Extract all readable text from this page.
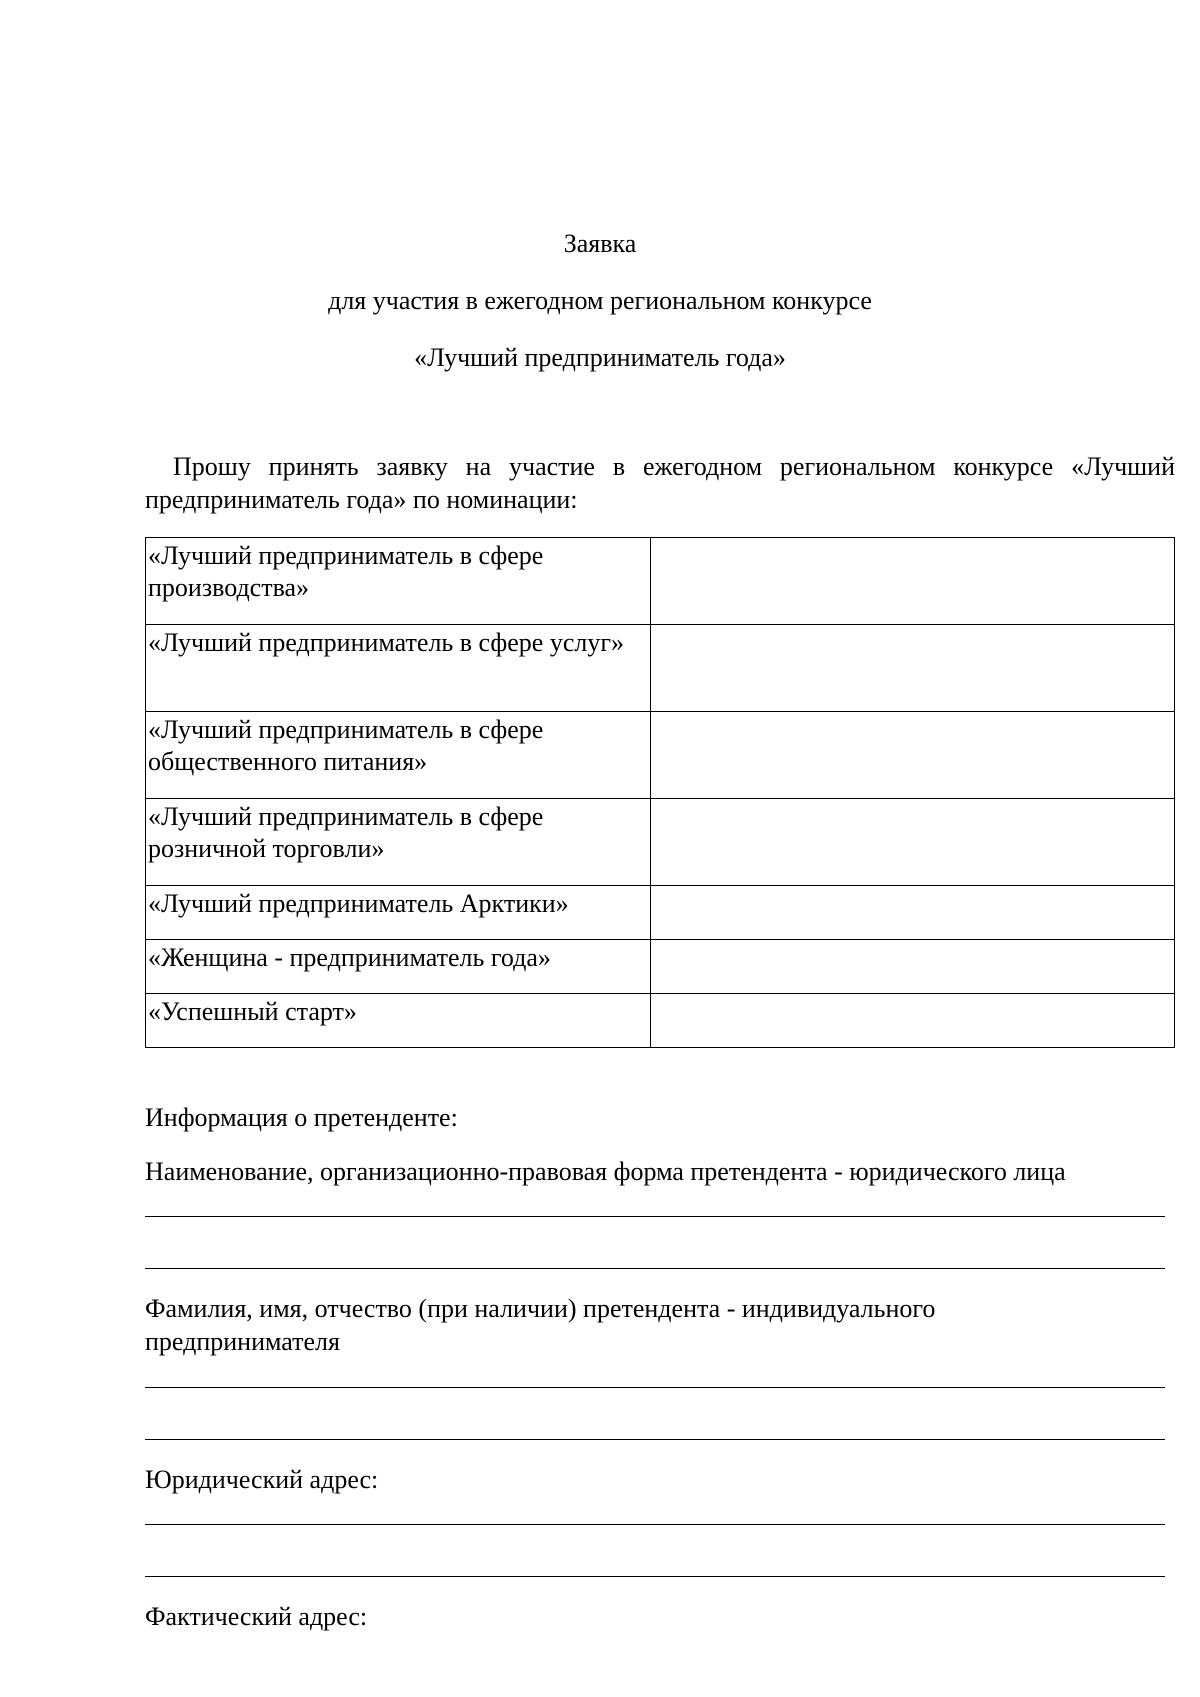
Заявка
для участия в ежегодном региональном конкурсе
«Лучший предприниматель года»
Прошу принять заявку на участие в ежегодном региональном конкурсе «Лучший предприниматель года» по номинации:
«Лучший предприниматель в сфере производства»	
«Лучший предприниматель в сфере услуг»	
«Лучший предприниматель в сфере общественного питания»	
«Лучший предприниматель в сфере розничной торговли»	
«Лучший предприниматель Арктики»	
«Женщина - предприниматель года»	
«Успешный старт»	
Информация о претенденте:
Наименование, организационно-правовая форма претендента - юридического лица
Фамилия, имя, отчество (при наличии) претендента - индивидуального предпринимателя
Юридический адрес:
Фактический адрес:
